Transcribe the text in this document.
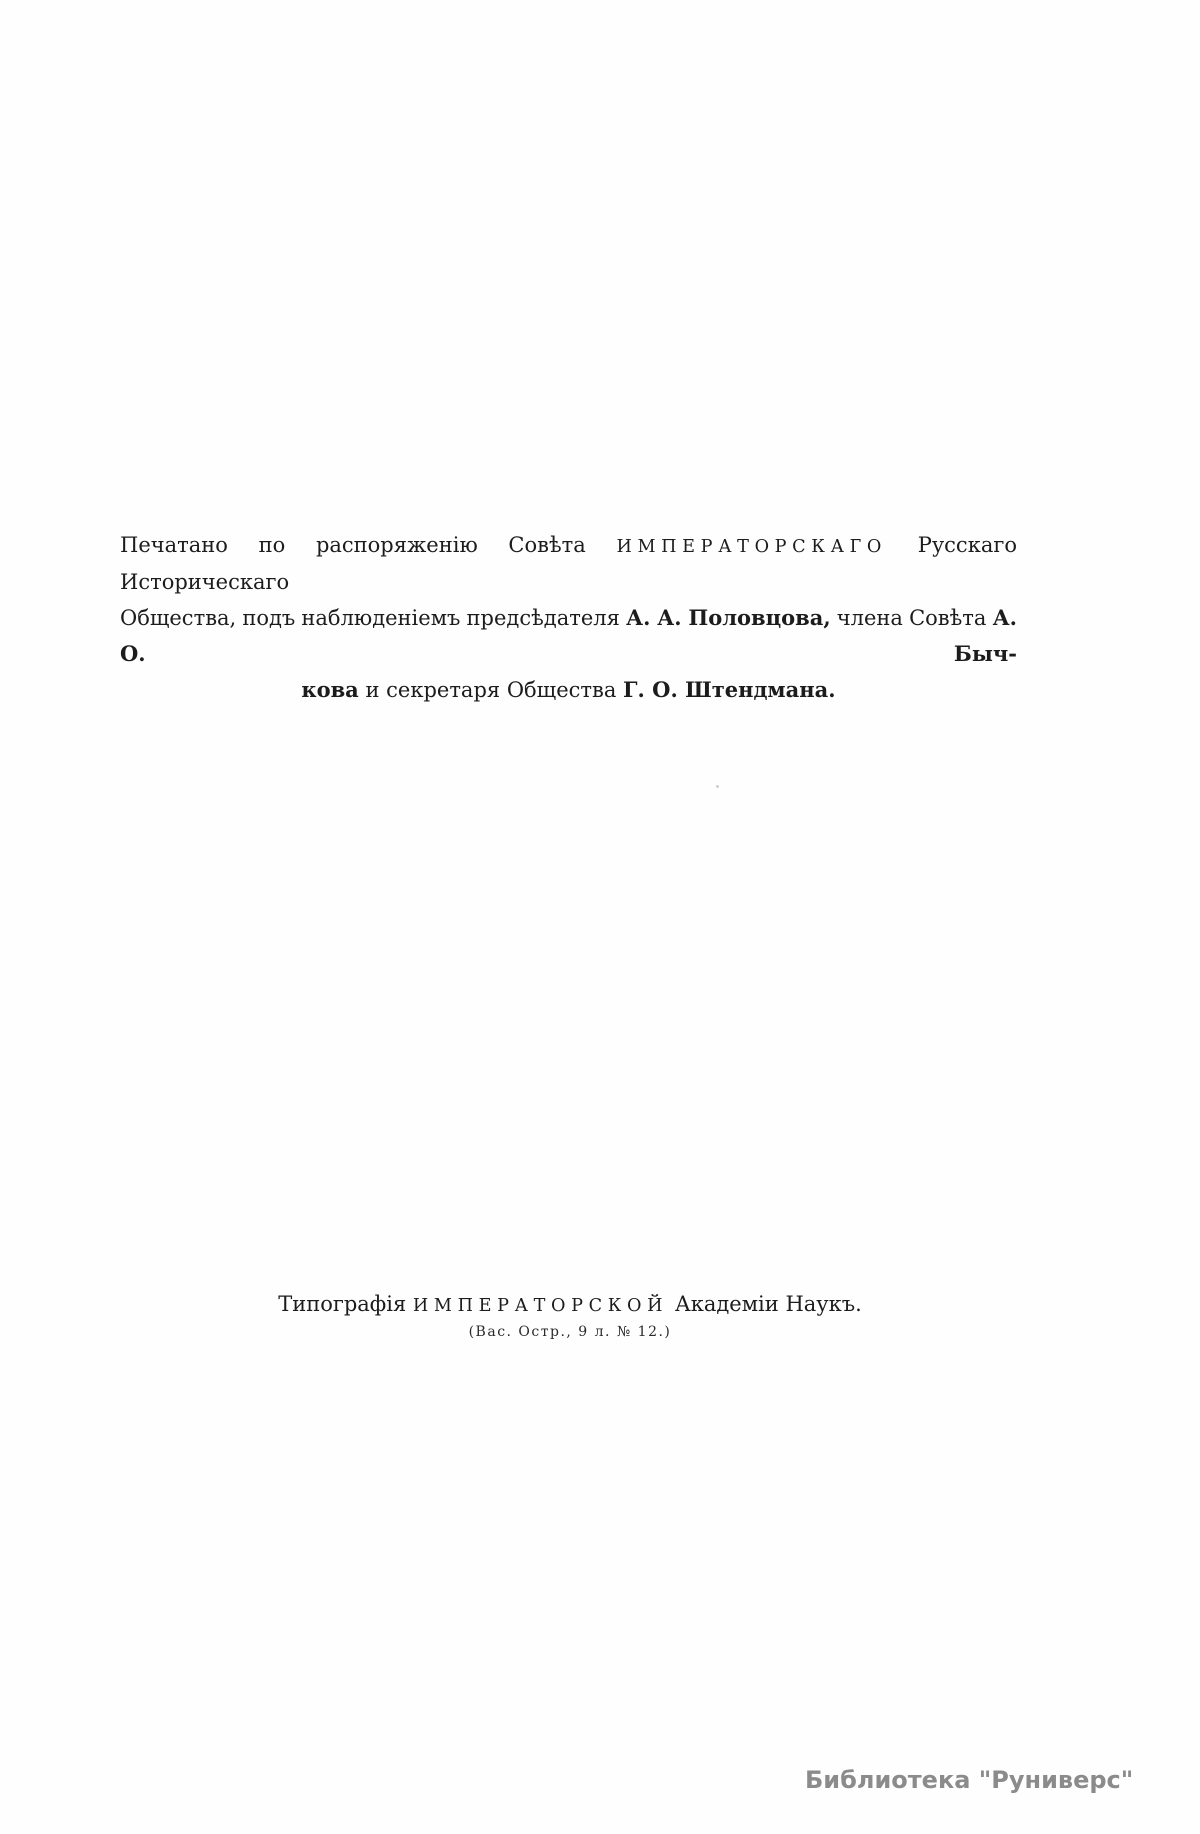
Печатано по распоряженію Совѣта ИМПЕРАТОРСКАГО Русскаго Историческаго
Общества, подъ наблюденіемъ предсѣдателя А. А. Половцова, члена Совѣта А. О. Быч-
кова и секретаря Общества Г. О. Штендмана.
Типографія ИМПЕРАТОРСКОЙ Академіи Наукъ.
(Вас. Остр., 9 л. № 12.)
Библиотека "Руниверс"
